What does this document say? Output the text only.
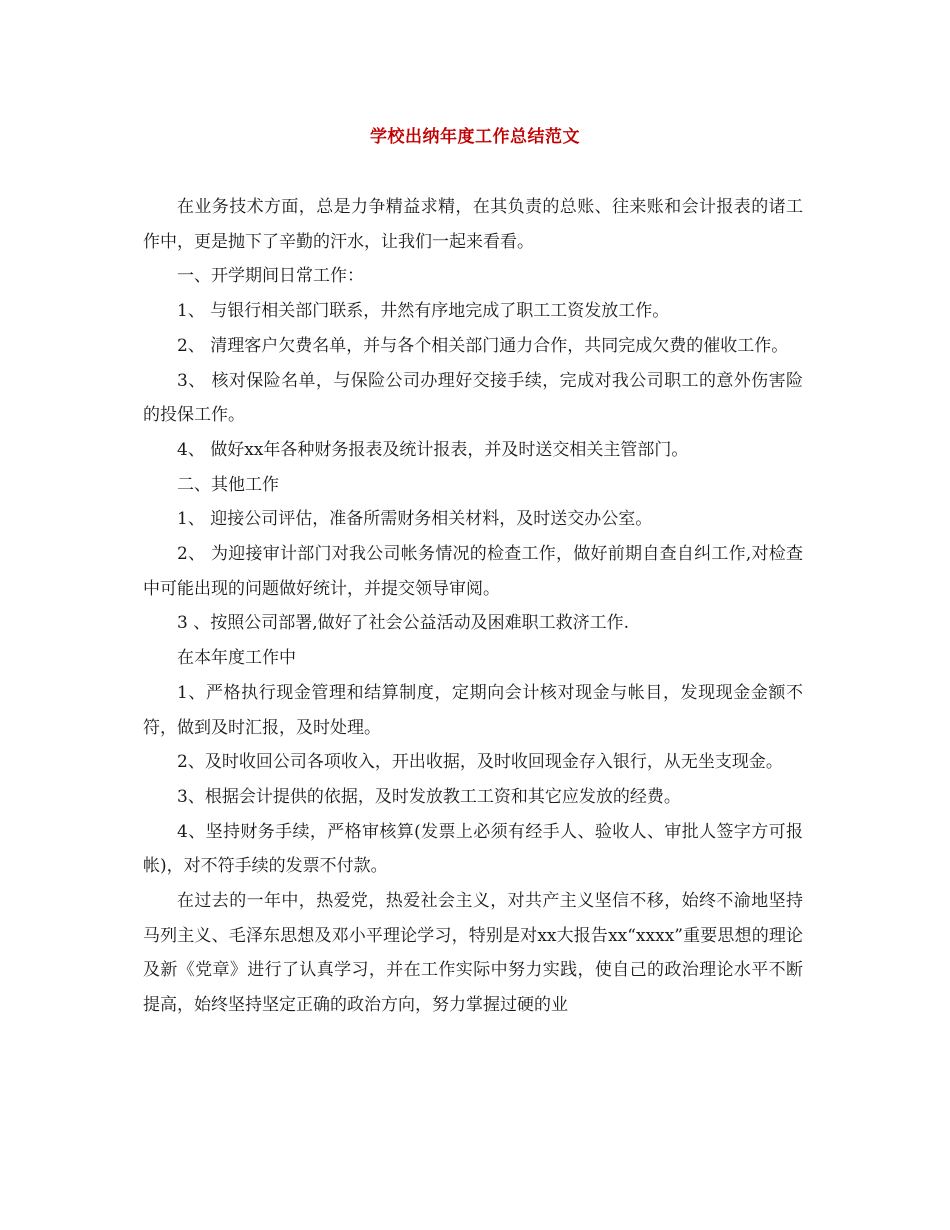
学校出纳年度工作总结范文

在业务技术方面，总是力争精益求精，在其负责的总账、往来账和会计报表的诸工作中，更是抛下了辛勤的汗水，让我们一起来看看。

一、开学期间日常工作：

1、 与银行相关部门联系，井然有序地完成了职工工资发放工作。

2、 清理客户欠费名单，并与各个相关部门通力合作，共同完成欠费的催收工作。

3、 核对保险名单，与保险公司办理好交接手续，完成对我公司职工的意外伤害险的投保工作。

4、 做好xx年各种财务报表及统计报表，并及时送交相关主管部门。

二、其他工作

1、 迎接公司评估，准备所需财务相关材料，及时送交办公室。

2、 为迎接审计部门对我公司帐务情况的检查工作，做好前期自查自纠工作,对检查中可能出现的问题做好统计，并提交领导审阅。

3 、按照公司部署,做好了社会公益活动及困难职工救济工作.

在本年度工作中

1、严格执行现金管理和结算制度，定期向会计核对现金与帐目，发现现金金额不符，做到及时汇报，及时处理。

2、及时收回公司各项收入，开出收据，及时收回现金存入银行，从无坐支现金。

3、根据会计提供的依据，及时发放教工工资和其它应发放的经费。

4、坚持财务手续，严格审核算(发票上必须有经手人、验收人、审批人签字方可报帐)，对不符手续的发票不付款。

在过去的一年中，热爱党，热爱社会主义，对共产主义坚信不移，始终不渝地坚持马列主义、毛泽东思想及邓小平理论学习，特别是对xx大报告xx“xxxx”重要思想的理论及新《党章》进行了认真学习，并在工作实际中努力实践，使自己的政治理论水平不断提高，始终坚持坚定正确的政治方向，努力掌握过硬的业
